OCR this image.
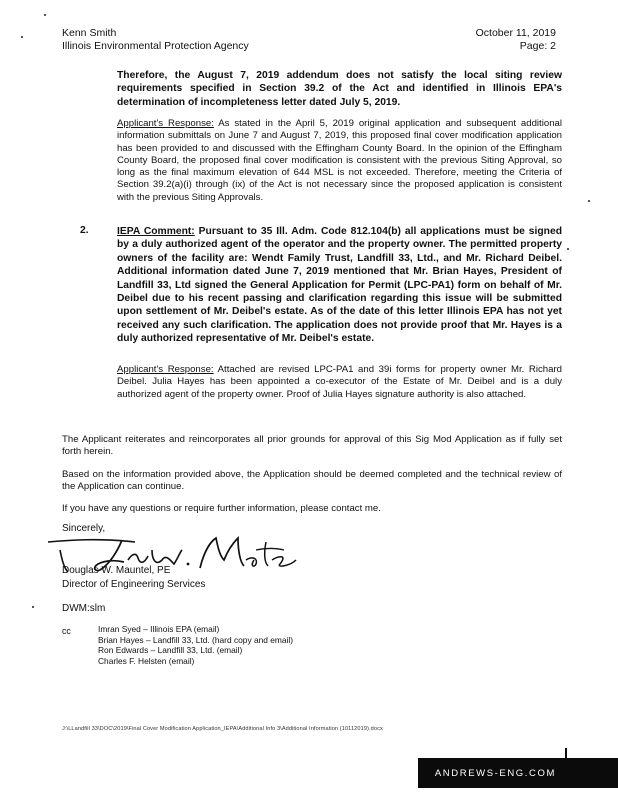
Kenn Smith
Illinois Environmental Protection Agency
October 11, 2019
Page: 2
Therefore, the August 7, 2019 addendum does not satisfy the local siting review requirements specified in Section 39.2 of the Act and identified in Illinois EPA's determination of incompleteness letter dated July 5, 2019.
Applicant's Response: As stated in the April 5, 2019 original application and subsequent additional information submittals on June 7 and August 7, 2019, this proposed final cover modification application has been provided to and discussed with the Effingham County Board. In the opinion of the Effingham County Board, the proposed final cover modification is consistent with the previous Siting Approval, so long as the final maximum elevation of 644 MSL is not exceeded. Therefore, meeting the Criteria of Section 39.2(a)(i) through (ix) of the Act is not necessary since the proposed application is consistent with the previous Siting Approvals.
2.	IEPA Comment: Pursuant to 35 Ill. Adm. Code 812.104(b) all applications must be signed by a duly authorized agent of the operator and the property owner. The permitted property owners of the facility are: Wendt Family Trust, Landfill 33, Ltd., and Mr. Richard Deibel. Additional information dated June 7, 2019 mentioned that Mr. Brian Hayes, President of Landfill 33, Ltd signed the General Application for Permit (LPC-PA1) form on behalf of Mr. Deibel due to his recent passing and clarification regarding this issue will be submitted upon settlement of Mr. Deibel's estate. As of the date of this letter Illinois EPA has not yet received any such clarification. The application does not provide proof that Mr. Hayes is a duly authorized representative of Mr. Deibel's estate.
Applicant's Response: Attached are revised LPC-PA1 and 39i forms for property owner Mr. Richard Deibel. Julia Hayes has been appointed a co-executor of the Estate of Mr. Deibel and is a duly authorized agent of the property owner. Proof of Julia Hayes signature authority is also attached.
The Applicant reiterates and reincorporates all prior grounds for approval of this Sig Mod Application as if fully set forth herein.
Based on the information provided above, the Application should be deemed completed and the technical review of the Application can continue.
If you have any questions or require further information, please contact me.
Sincerely,
Douglas W. Mauntel, PE
Director of Engineering Services
DWM:slm
cc	Imran Syed – Illinois EPA (email)
Brian Hayes – Landfill 33, Ltd. (hard copy and email)
Ron Edwards – Landfill 33, Ltd. (email)
Charles F. Helsten (email)
J:\LLandfill 33\DOC\2019\Final Cover Modification Application_IEPA\Additional Info 3\Additional Information (10112019).docx
ANDREWS-ENG.COM
